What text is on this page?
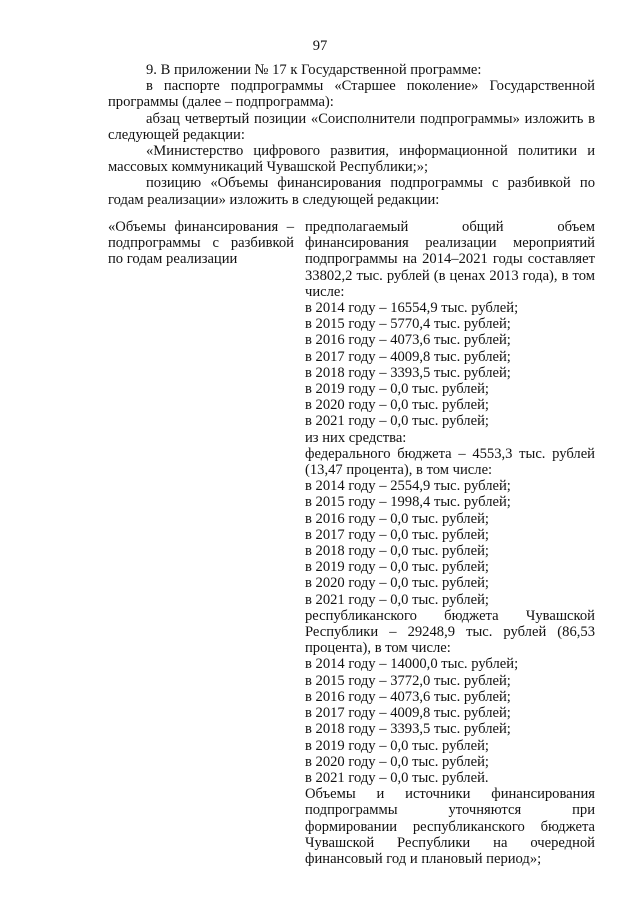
97

9. В приложении № 17 к Государственной программе:

в паспорте подпрограммы «Старшее поколение» Государственной программы (далее – подпрограмма):

абзац четвертый позиции «Соисполнители подпрограммы» изложить в следующей редакции:

«Министерство цифрового развития, информационной политики и массовых коммуникаций Чувашской Республики;»;

позицию «Объемы финансирования подпрограммы с разбивкой по годам реализации» изложить в следующей редакции:

«Объемы финансирования – подпрограммы с разбивкой по годам реализации
предполагаемый общий объем финансирования реализации мероприятий подпрограммы на 2014–2021 годы составляет 33802,2 тыс. рублей (в ценах 2013 года), в том числе:
в 2014 году – 16554,9 тыс. рублей;
в 2015 году – 5770,4 тыс. рублей;
в 2016 году – 4073,6 тыс. рублей;
в 2017 году – 4009,8 тыс. рублей;
в 2018 году – 3393,5 тыс. рублей;
в 2019 году – 0,0 тыс. рублей;
в 2020 году – 0,0 тыс. рублей;
в 2021 году – 0,0 тыс. рублей;
из них средства:
федерального бюджета – 4553,3 тыс. рублей (13,47 процента), в том числе:
в 2014 году – 2554,9 тыс. рублей;
в 2015 году – 1998,4 тыс. рублей;
в 2016 году – 0,0 тыс. рублей;
в 2017 году – 0,0 тыс. рублей;
в 2018 году – 0,0 тыс. рублей;
в 2019 году – 0,0 тыс. рублей;
в 2020 году – 0,0 тыс. рублей;
в 2021 году – 0,0 тыс. рублей;
республиканского бюджета Чувашской Республики – 29248,9 тыс. рублей (86,53 процента), в том числе:
в 2014 году – 14000,0 тыс. рублей;
в 2015 году – 3772,0 тыс. рублей;
в 2016 году – 4073,6 тыс. рублей;
в 2017 году – 4009,8 тыс. рублей;
в 2018 году – 3393,5 тыс. рублей;
в 2019 году – 0,0 тыс. рублей;
в 2020 году – 0,0 тыс. рублей;
в 2021 году – 0,0 тыс. рублей.
Объемы и источники финансирования подпрограммы уточняются при формировании республиканского бюджета Чувашской Республики на очередной финансовый год и плановый период»;
